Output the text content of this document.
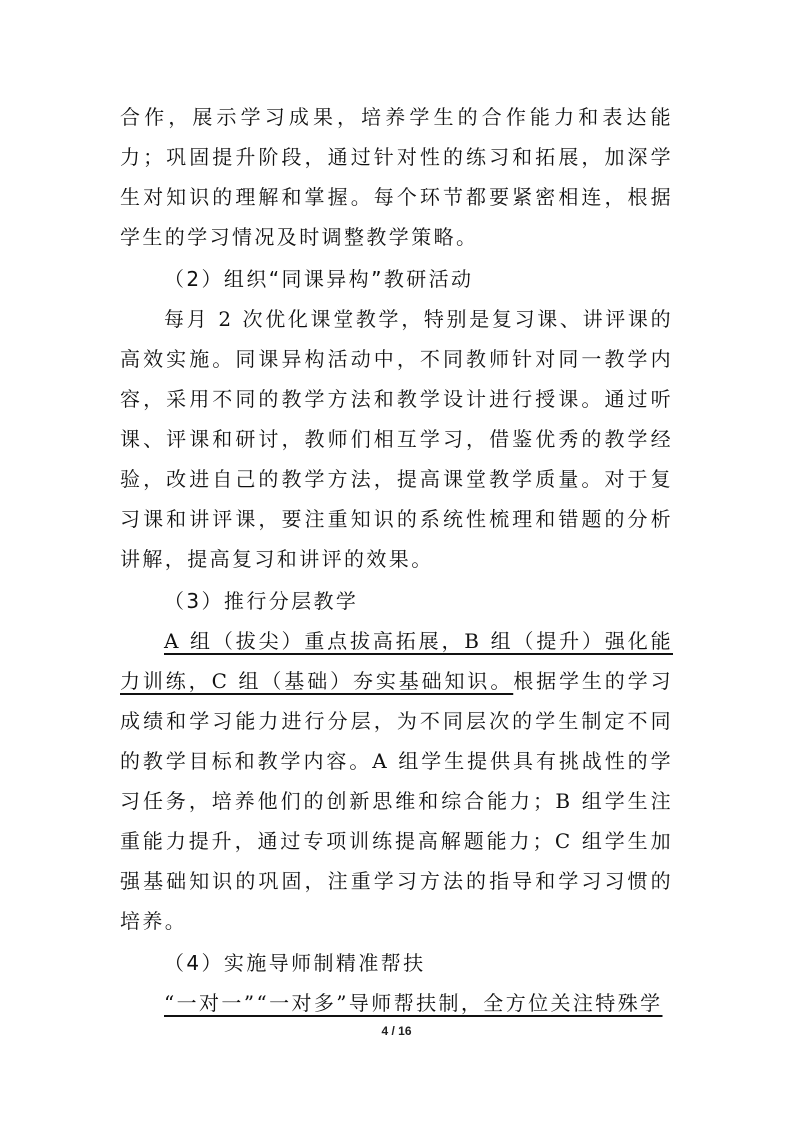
合作，展示学习成果，培养学生的合作能力和表达能力；巩固提升阶段，通过针对性的练习和拓展，加深学生对知识的理解和掌握。每个环节都要紧密相连，根据学生的学习情况及时调整教学策略。

（2）组织“同课异构”教研活动

每月 2 次优化课堂教学，特别是复习课、讲评课的高效实施。同课异构活动中，不同教师针对同一教学内容，采用不同的教学方法和教学设计进行授课。通过听课、评课和研讨，教师们相互学习，借鉴优秀的教学经验，改进自己的教学方法，提高课堂教学质量。对于复习课和讲评课，要注重知识的系统性梳理和错题的分析讲解，提高复习和讲评的效果。

（3）推行分层教学

A 组（拔尖）重点拔高拓展，B 组（提升）强化能力训练，C 组（基础）夯实基础知识。根据学生的学习成绩和学习能力进行分层，为不同层次的学生制定不同的教学目标和教学内容。A 组学生提供具有挑战性的学习任务，培养他们的创新思维和综合能力；B 组学生注重能力提升，通过专项训练提高解题能力；C 组学生加强基础知识的巩固，注重学习方法的指导和学习习惯的培养。

（4）实施导师制精准帮扶

“一对一”“一对多”导师帮扶制，全方位关注特殊学

4 / 16
